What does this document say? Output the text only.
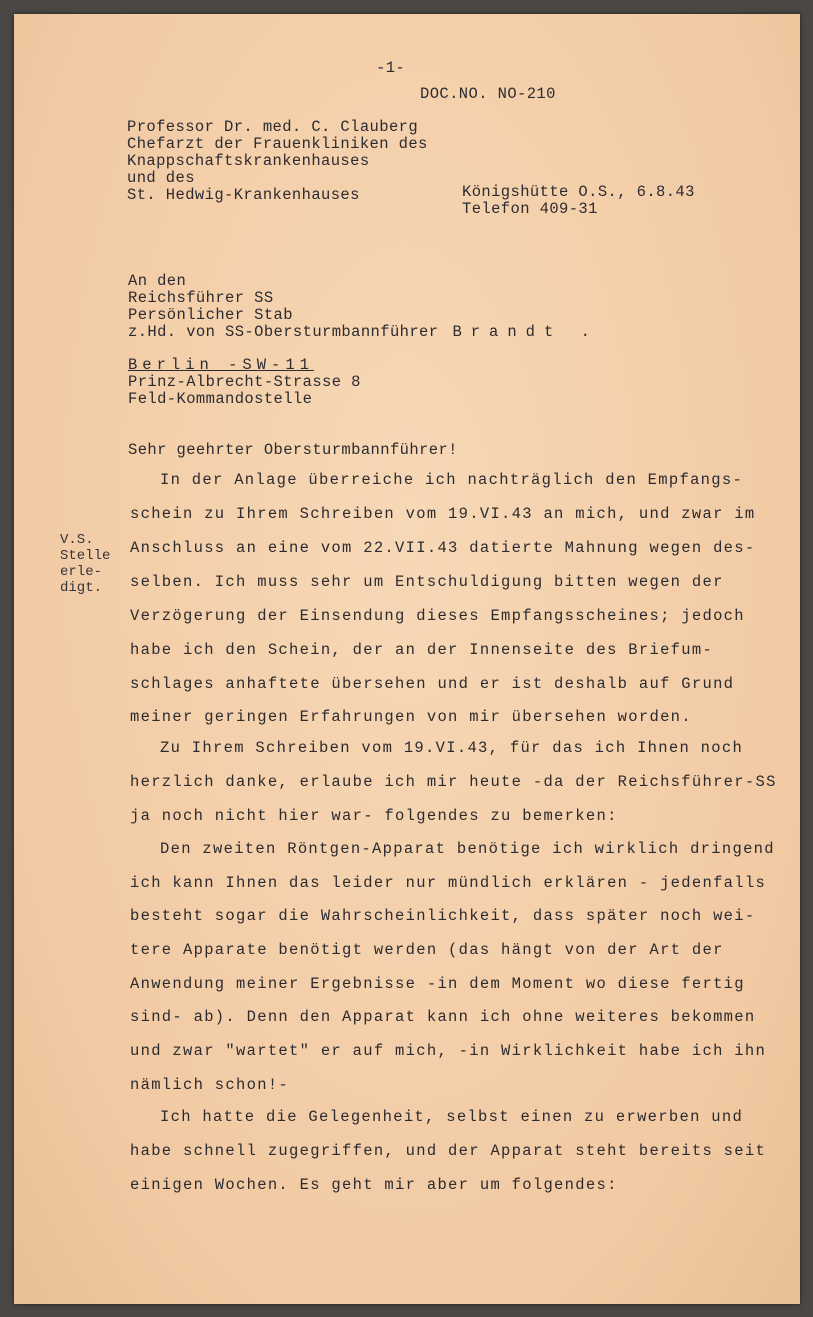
-1-
DOC.NO. NO-210
Professor Dr. med. C. Clauberg
Chefarzt der Frauenkliniken des
Knappschaftskrankenhauses
und des
St. Hedwig-Krankenhauses	Königshütte O.S., 6.8.43
Telefon 409-31
An den
Reichsführer SS
Persönlicher Stab
z.Hd. von SS-Obersturmbannführer Brandt .
Berlin -SW-11
Prinz-Albrecht-Strasse 8
Feld-Kommandostelle
Sehr geehrter Obersturmbannführer!
V.S.
Stelle
erle-
digt.
In der Anlage überreiche ich nachträglich den Empfangs-
schein zu Ihrem Schreiben vom 19.VI.43 an mich, und zwar im
Anschluss an eine vom 22.VII.43 datierte Mahnung wegen des-
selben. Ich muss sehr um Entschuldigung bitten wegen der
Verzögerung der Einsendung dieses Empfangsscheines; jedoch
habe ich den Schein, der an der Innenseite des Briefum-
schlages anhaftete übersehen und er ist deshalb auf Grund
meiner geringen Erfahrungen von mir übersehen worden.
Zu Ihrem Schreiben vom 19.VI.43, für das ich Ihnen noch
herzlich danke, erlaube ich mir heute -da der Reichsführer-SS
ja noch nicht hier war- folgendes zu bemerken:
Den zweiten Röntgen-Apparat benötige ich wirklich dringend
ich kann Ihnen das leider nur mündlich erklären - jedenfalls
besteht sogar die Wahrscheinlichkeit, dass später noch wei-
tere Apparate benötigt werden (das hängt von der Art der
Anwendung meiner Ergebnisse -in dem Moment wo diese fertig
sind- ab). Denn den Apparat kann ich ohne weiteres bekommen
und zwar "wartet" er auf mich, -in Wirklichkeit habe ich ihn
nämlich schon!-
Ich hatte die Gelegenheit, selbst einen zu erwerben und
habe schnell zugegriffen, und der Apparat steht bereits seit
einigen Wochen. Es geht mir aber um folgendes:
